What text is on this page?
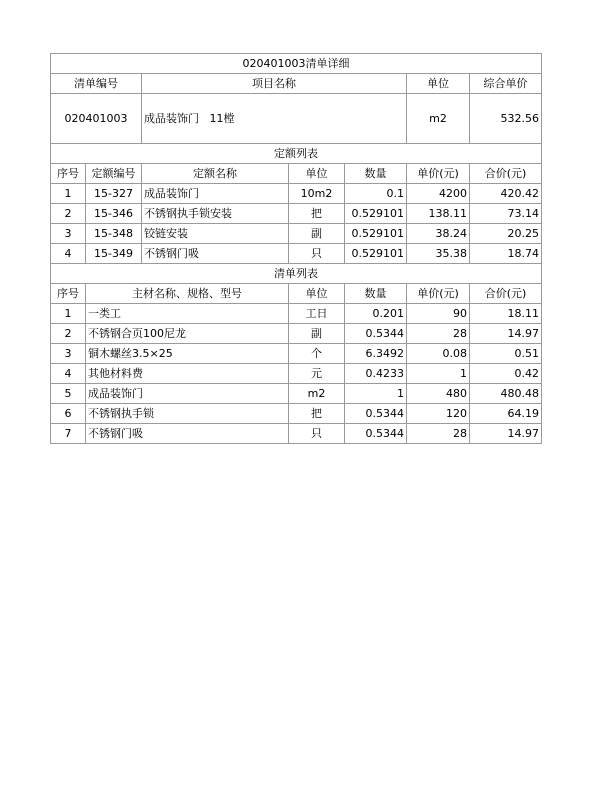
020401003清单详细						
清单编号		项目名称			单位	综合单价
020401003		成品装饰门   11樘			m2	532.56
定额列表						
序号	定额编号	定额名称	单位	数量	单价(元)	合价(元)
1	15-327	成品装饰门	10m2	0.1	4200	420.42
2	15-346	不锈钢执手锁安装	把	0.529101	138.11	73.14
3	15-348	铰链安装	副	0.529101	38.24	20.25
4	15-349	不锈钢门吸	只	0.529101	35.38	18.74
清单列表						
序号	主材名称、规格、型号		单位	数量	单价(元)	合价(元)
1	一类工		工日	0.201	90	18.11
2	不锈钢合页100尼龙		副	0.5344	28	14.97
3	铜木螺丝3.5×25		个	6.3492	0.08	0.51
4	其他材料费		元	0.4233	1	0.42
5	成品装饰门		m2	1	480	480.48
6	不锈钢执手锁		把	0.5344	120	64.19
7	不锈钢门吸		只	0.5344	28	14.97
